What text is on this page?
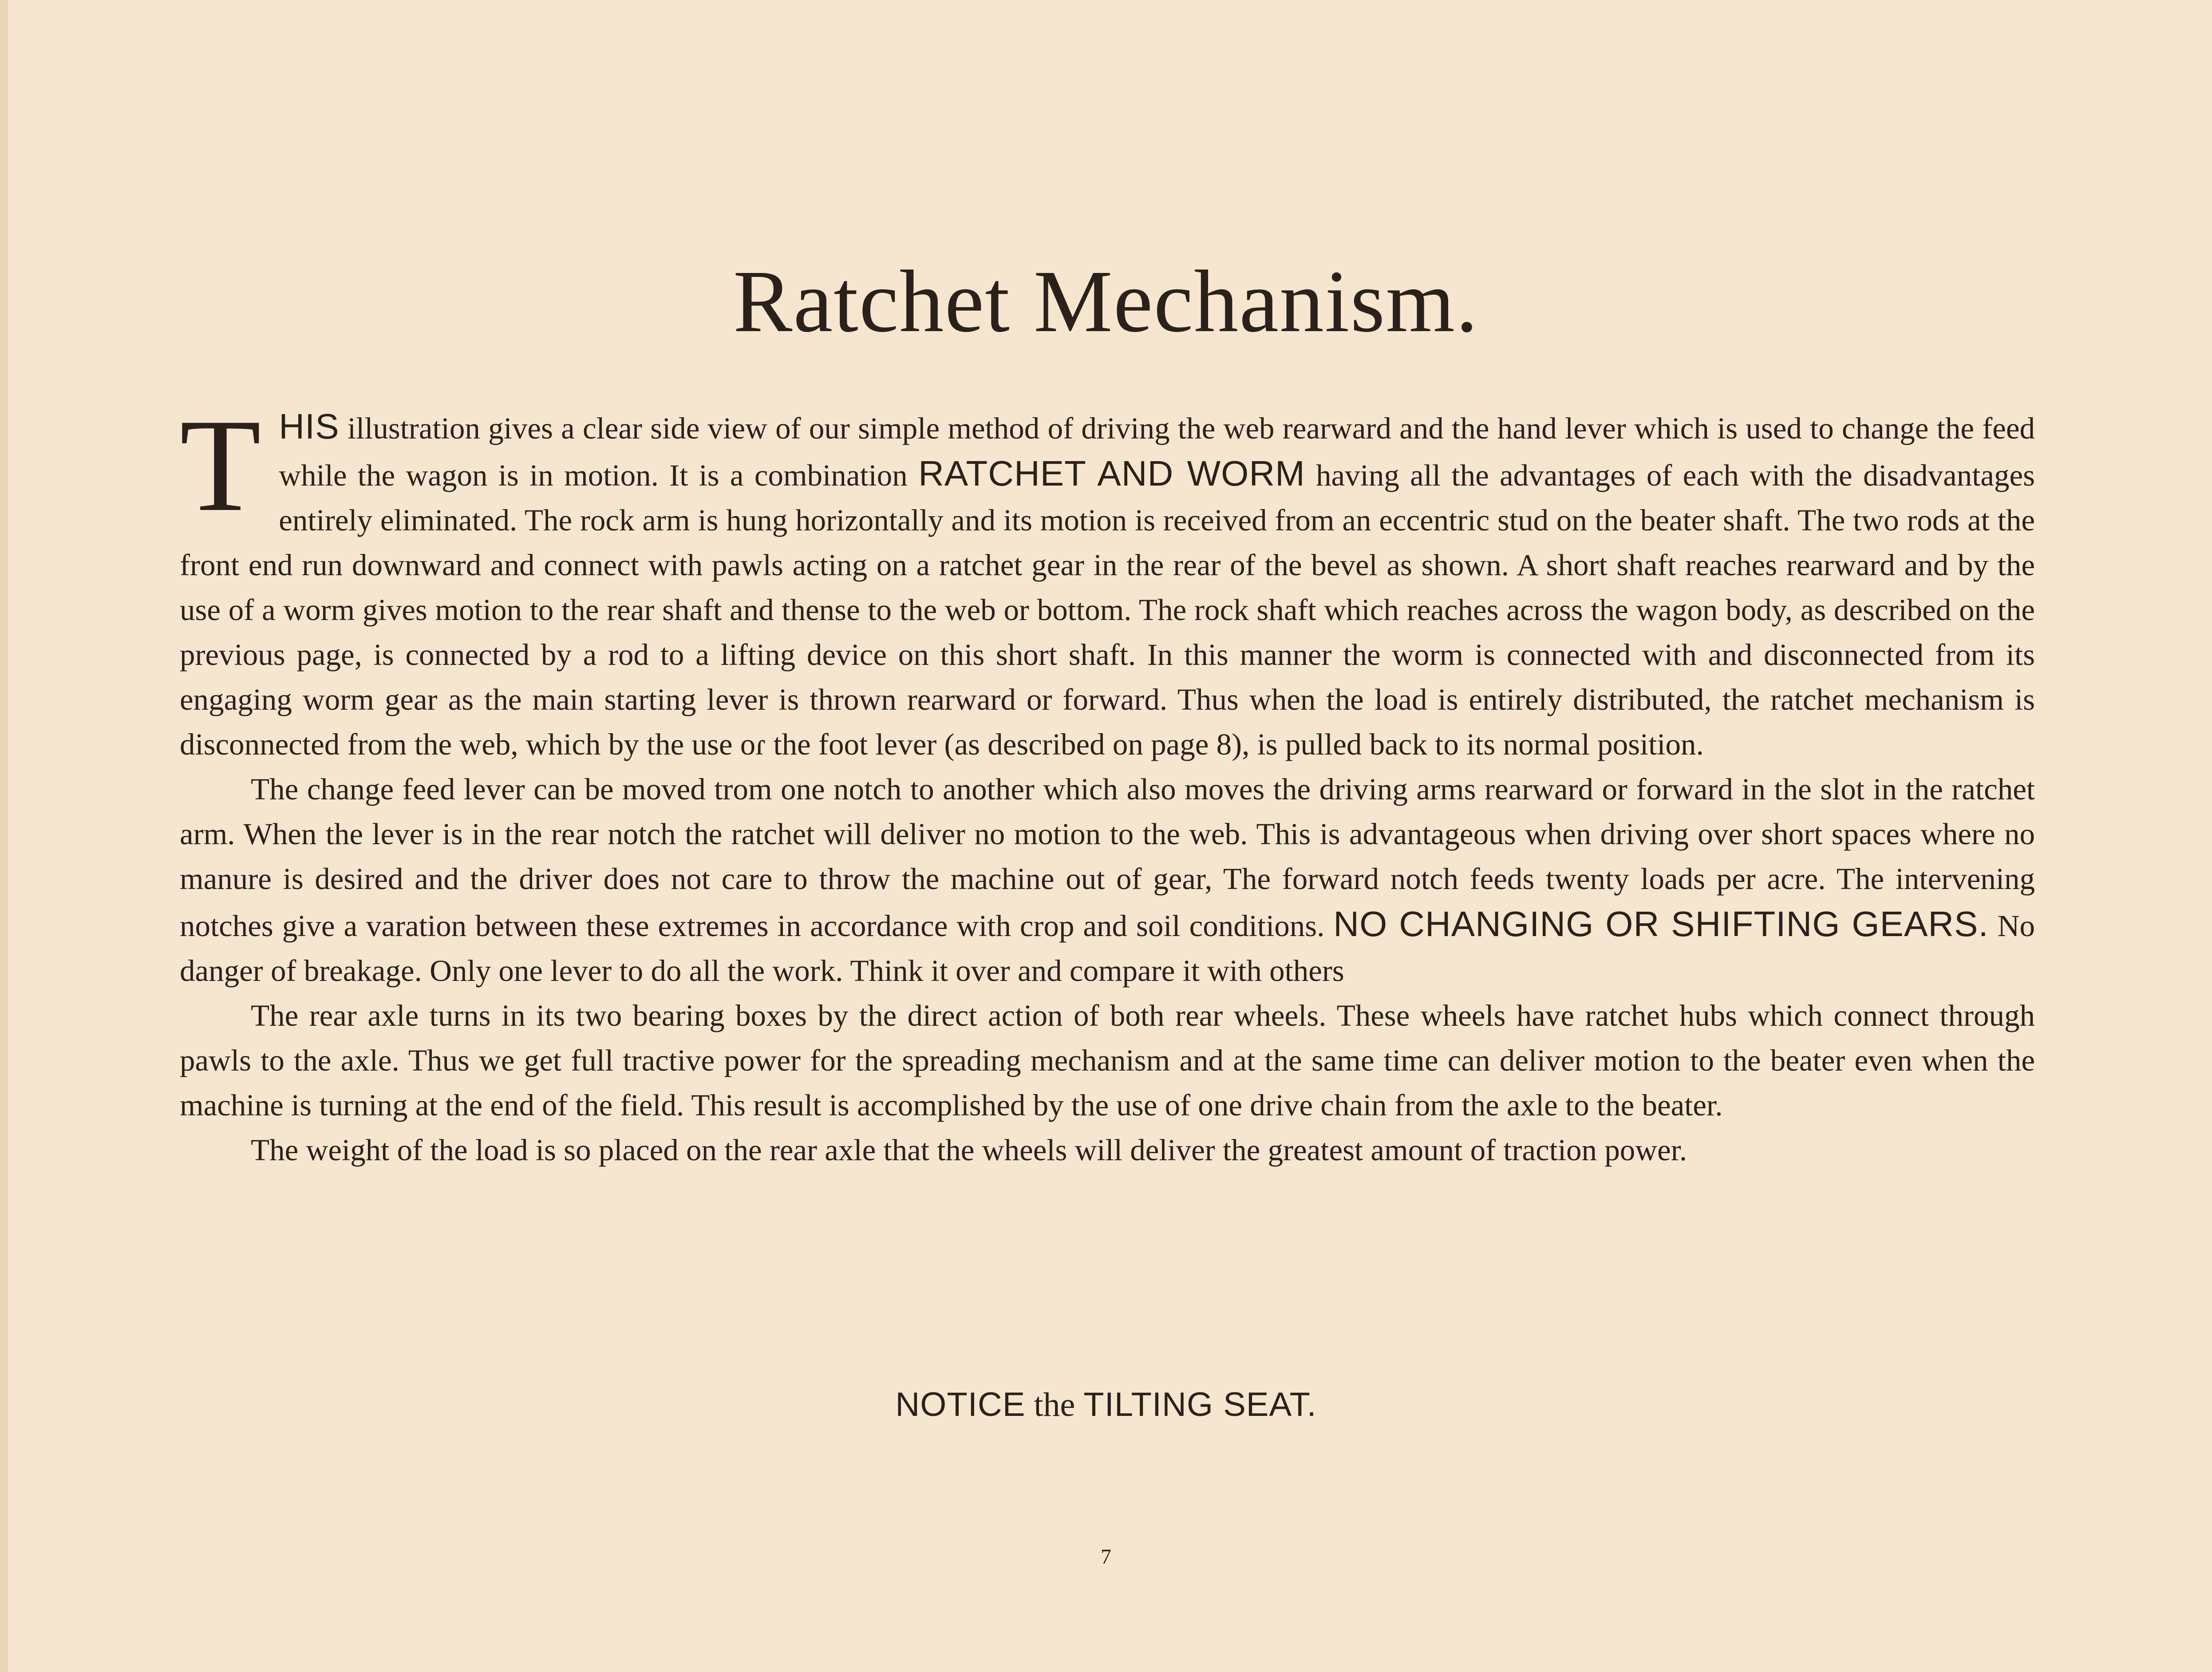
Ratchet Mechanism.

THIS illustration gives a clear side view of our simple method of driving the web rearward and the hand lever which is used to change the feed while the wagon is in motion. It is a combination RATCHET AND WORM having all the advantages of each with the disadvantages entirely eliminated. The rock arm is hung horizontally and its motion is received from an eccentric stud on the beater shaft. The two rods at the front end run downward and connect with pawls acting on a ratchet gear in the rear of the bevel as shown. A short shaft reaches rearward and by the use of a worm gives motion to the rear shaft and thense to the web or bottom. The rock shaft which reaches across the wagon body, as described on the previous page, is connected by a rod to a lifting device on this short shaft. In this manner the worm is connected with and disconnected from its engaging worm gear as the main starting lever is thrown rearward or forward. Thus when the load is entirely distributed, the ratchet mechanism is disconnected from the web, which by the use oɾ the foot lever (as described on page 8), is pulled back to its normal position.

The change feed lever can be moved trom one notch to another which also moves the driving arms rearward or forward in the slot in the ratchet arm. When the lever is in the rear notch the ratchet will deliver no motion to the web. This is advantageous when driving over short spaces where no manure is desired and the driver does not care to throw the machine out of gear, The forward notch feeds twenty loads per acre. The intervening notches give a varation between these extremes in accordance with crop and soil conditions. NO CHANGING OR SHIFTING GEARS. No danger of breakage. Only one lever to do all the work. Think it over and compare it with others

The rear axle turns in its two bearing boxes by the direct action of both rear wheels. These wheels have ratchet hubs which connect through pawls to the axle. Thus we get full tractive power for the spreading mechanism and at the same time can deliver motion to the beater even when the machine is turning at the end of the field. This result is accomplished by the use of one drive chain from the axle to the beater.

The weight of the load is so placed on the rear axle that the wheels will deliver the greatest amount of traction power.

NOTICE the TILTING SEAT.
7
